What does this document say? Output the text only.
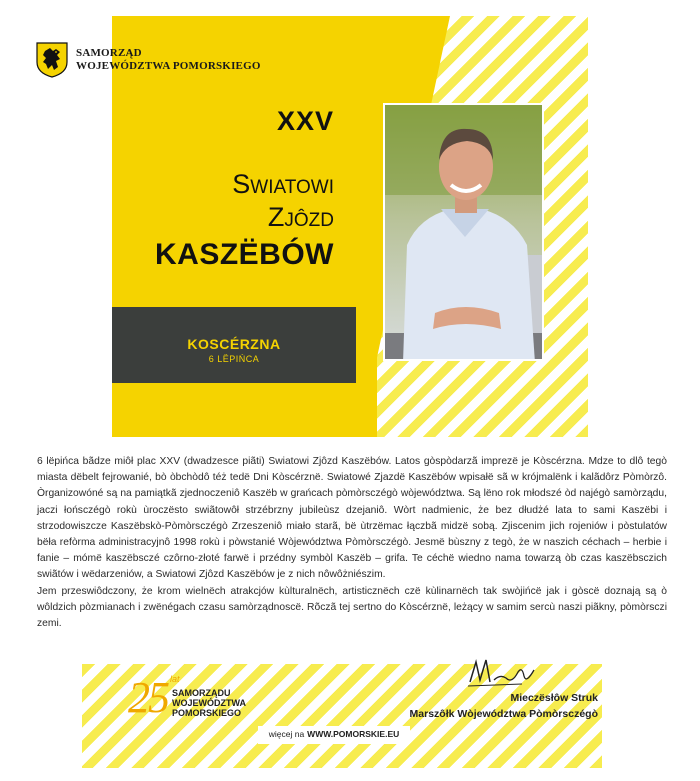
SAMORZĄD
WOJEWÓDZTWA POMORSKIEGO
XXV
Swiatowi
Zjôzd
KASZËBÓW
KOSCÉRZNA
6 LËPIŃCA

6 lëpińca bãdze miôł plac XXV (dwadzesce piãti) Swiatowi Zjôzd Kaszëbów. Latos gòspòdarzã imprezë je Kòscérzna. Mdze to dlô tegò miasta dëbelt fejrowanié, bò òbchòdô téż tedë Dni Kòscérznë. Swiatowé Zjazdë Kaszëbów wpisałë sã w krójmalënk i kalãdôrz Pòmòrzô. Òrganizowóné są na pamiątkã zjednoczeniô Kaszëb w grańcach pòmòrsczégò wòjewództwa. Są lëno rok młodszé òd najégò samòrządu, jaczi łońsczégò rokù ùroczësto swiãtowôł strzébrzny jubileùsz dzejaniô. Wòrt nadmienic, że bez dłudżé lata to sami Kaszëbi i strzodowiszcze Kaszëbskò-Pòmòrsczégò Zrzeszeniô miało starã, bë ùtrzëmac łączbã midzë sobą. Zjiscenim jich rojeniów i pòstulatów bëła refòrma administracyjnô 1998 rokù i pòwstanié Wòjewództwa Pòmòrsczégò. Jesmë bùszny z tegò, że w naszich céchach – herbie i fanie – mómë kaszëbsczé czôrno-złoté farwë i przédny symbòl Kaszëb – grifa. Te céchë wiedno nama towarzą òb czas kaszëbsczich swiãtów i wëdarzeniów, a Swiatowi Zjôzd Kaszëbów je z nich nôwôżniészim.

Jem przeswiôdczony, że krom wielnëch atrakcjów kùlturalnëch, artisticznëch czë kùlinarnëch tak swòjińcë jak i gòscë doznają są ò wôldzich pòzmianach i zwënégach czasu samòrządnoscë. Rõczã tej sertno do Kòscérznë, leżący w samim sercù naszi piãkny, pòmòrsczi zemi.

25 lat
SAMORZĄDU
WOJEWÓDZTWA
POMORSKIEGO
Mieczësłôw Struk
Marszôłk Wòjewództwa Pòmòrsczégò
więcej na WWW.POMORSKIE.EU
